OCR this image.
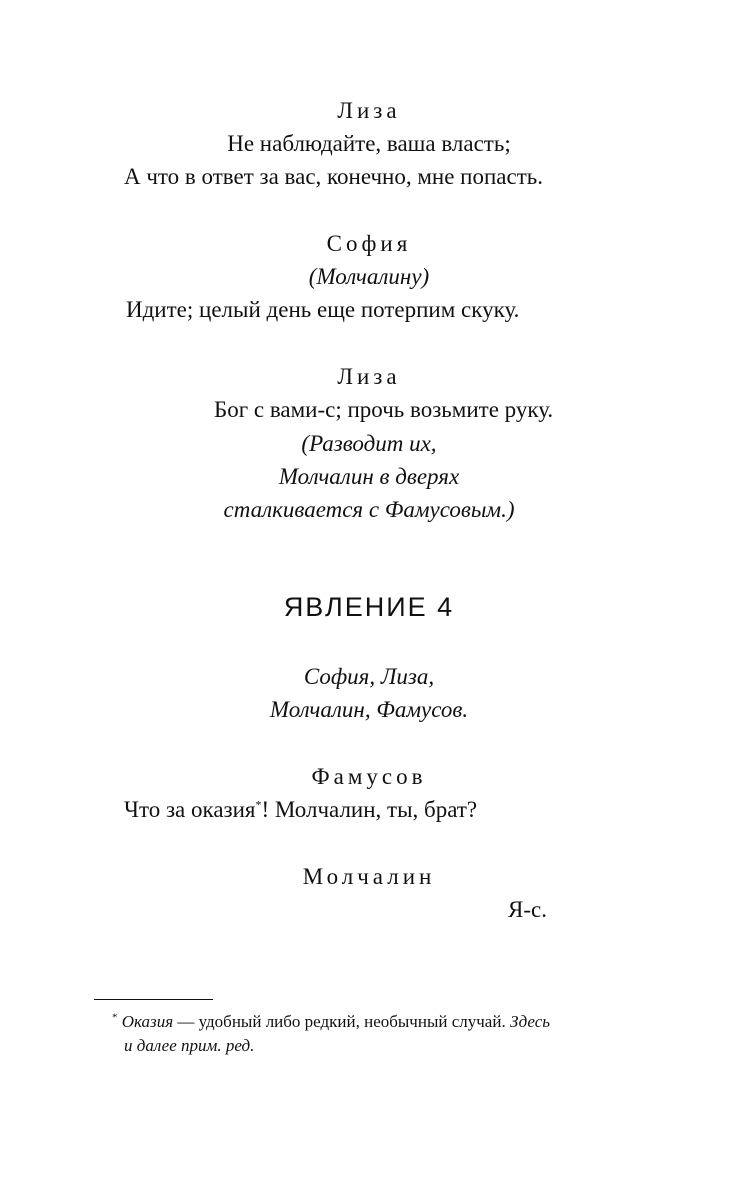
Лиза
Не наблюдайте, ваша власть;
А что в ответ за вас, конечно, мне попасть.
София
(Молчалину)
Идите; целый день еще потерпим скуку.
Лиза
Бог с вами-с; прочь возьмите руку.
(Разводит их,
Молчалин в дверях
сталкивается с Фамусовым.)
ЯВЛЕНИЕ 4
София, Лиза,
Молчалин, Фамусов.
Фамусов
Что за оказия*! Молчалин, ты, брат?
Молчалин
Я-с.
* Оказия — удобный либо редкий, необычный случай. Здесь
и далее прим. ред.
